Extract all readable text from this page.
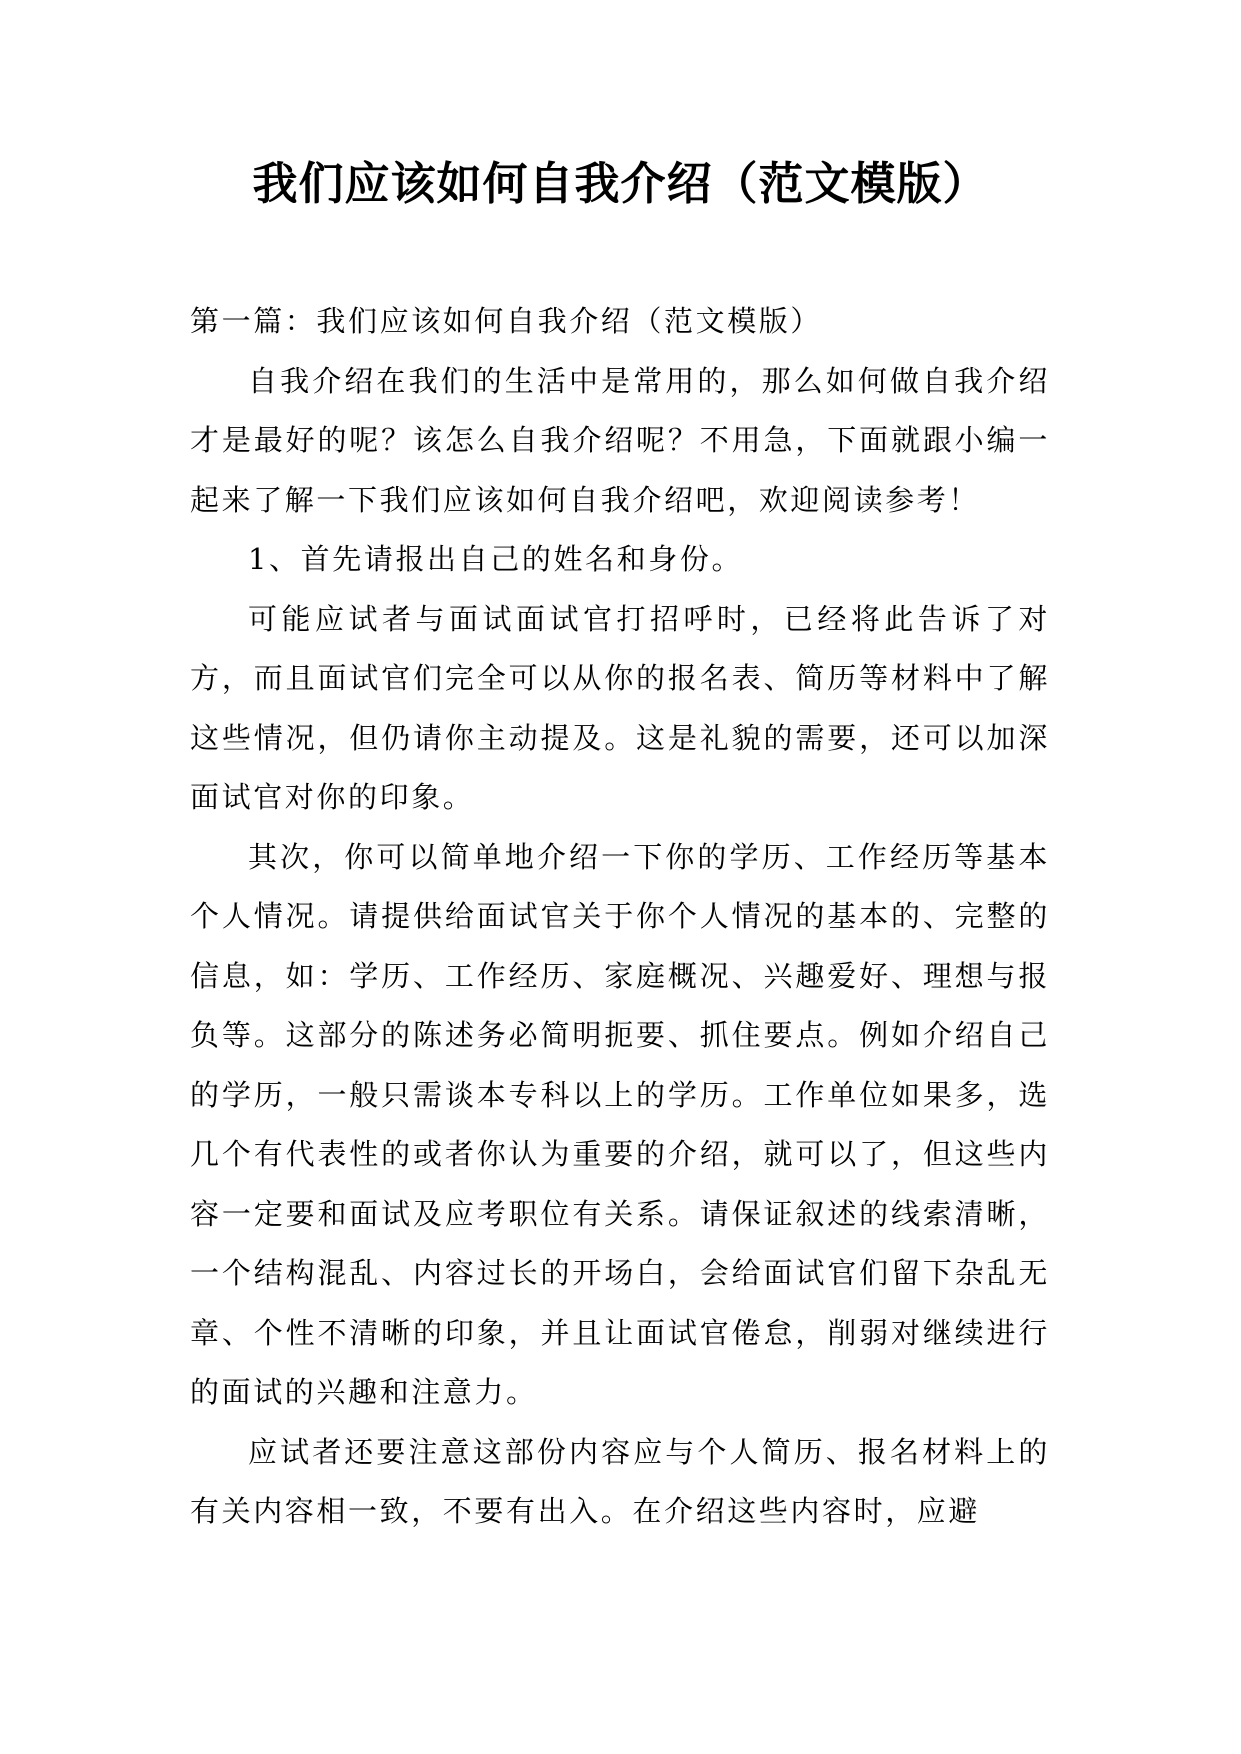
我们应该如何自我介绍（范文模版）

第一篇：我们应该如何自我介绍（范文模版）

自我介绍在我们的生活中是常用的，那么如何做自我介绍才是最好的呢？该怎么自我介绍呢？不用急，下面就跟小编一起来了解一下我们应该如何自我介绍吧，欢迎阅读参考！

1、首先请报出自己的姓名和身份。

可能应试者与面试面试官打招呼时，已经将此告诉了对方，而且面试官们完全可以从你的报名表、简历等材料中了解这些情况，但仍请你主动提及。这是礼貌的需要，还可以加深面试官对你的印象。

其次，你可以简单地介绍一下你的学历、工作经历等基本个人情况。请提供给面试官关于你个人情况的基本的、完整的信息，如：学历、工作经历、家庭概况、兴趣爱好、理想与报负等。这部分的陈述务必简明扼要、抓住要点。例如介绍自己的学历，一般只需谈本专科以上的学历。工作单位如果多，选几个有代表性的或者你认为重要的介绍，就可以了，但这些内容一定要和面试及应考职位有关系。请保证叙述的线索清晰，一个结构混乱、内容过长的开场白，会给面试官们留下杂乱无章、个性不清晰的印象，并且让面试官倦怠，削弱对继续进行的面试的兴趣和注意力。

应试者还要注意这部份内容应与个人简历、报名材料上的有关内容相一致，不要有出入。在介绍这些内容时，应避
